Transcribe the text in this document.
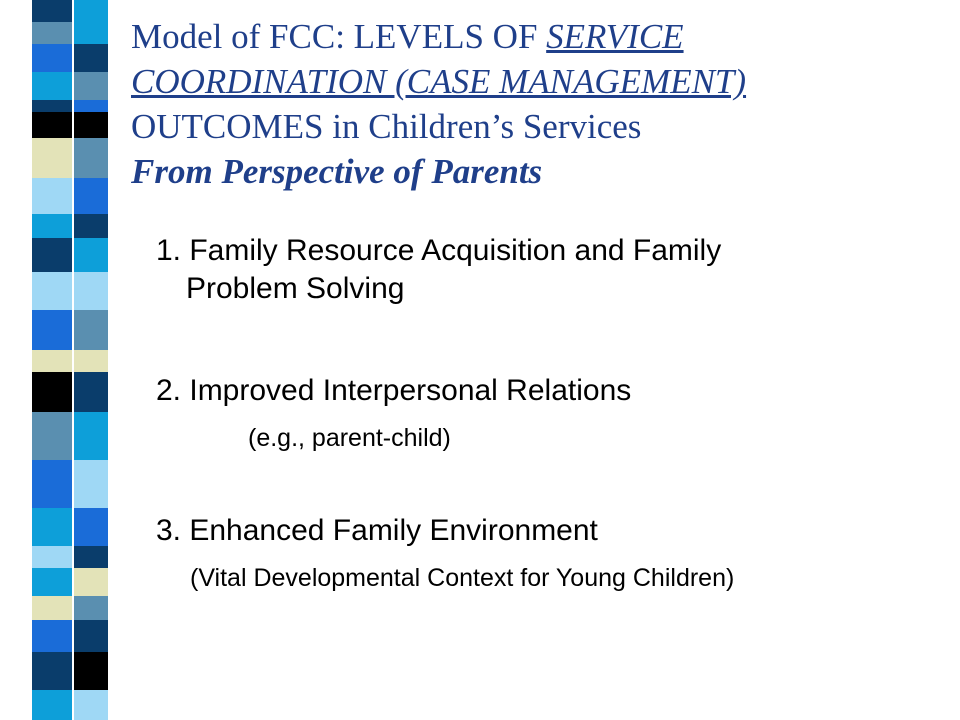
Model of FCC: LEVELS OF SERVICE COORDINATION (CASE MANAGEMENT) OUTCOMES in Children’s Services
From Perspective of Parents
1. Family Resource Acquisition and Family
Problem Solving
2. Improved Interpersonal Relations
(e.g., parent-child)
3. Enhanced Family Environment
(Vital Developmental Context for Young Children)
